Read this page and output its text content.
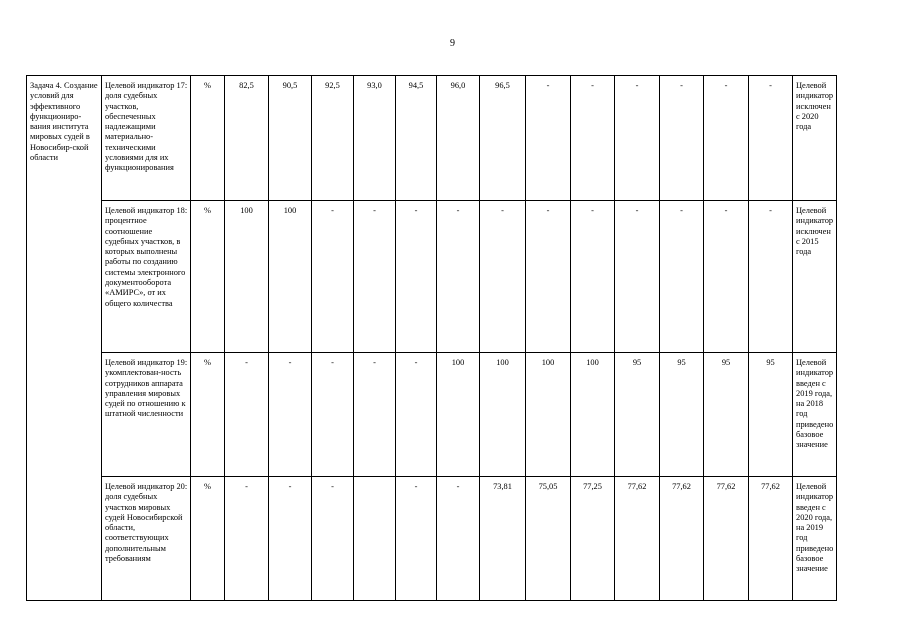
9
Задача 4. Создание условий для эффективного функциониро-вания института мировых судей в Новосибир-ской области	Целевой индикатор 17: доля судебных участков, обеспеченных надлежащими материально-техническими условиями для их функционирования	%	82,5	90,5	92,5	93,0	94,5	96,0	96,5	-	-	-	-	-	-	Целевой индикатор исключен с 2020 года
	Целевой индикатор 18: процентное соотношение судебных участков, в которых выполнены работы по созданию системы электронного документооборота «АМИРС», от их общего количества	%	100	100	-	-	-	-	-	-	-	-	-	-	-	Целевой индикатор исключен с 2015 года
	Целевой индикатор 19: укомплектован-ность сотрудников аппарата управления мировых судей по отношению к штатной численности	%	-	-	-	-	-	100	100	100	100	95	95	95	95	Целевой индикатор введен с 2019 года, на 2018 год приведено базовое значение
	Целевой индикатор 20: доля судебных участков мировых судей Новосибирской области, соответствующих дополнительным требованиям	%	-	-	-		-	-	73,81	75,05	77,25	77,62	77,62	77,62	77,62	Целевой индикатор введен с 2020 года, на 2019 год приведено базовое значение
